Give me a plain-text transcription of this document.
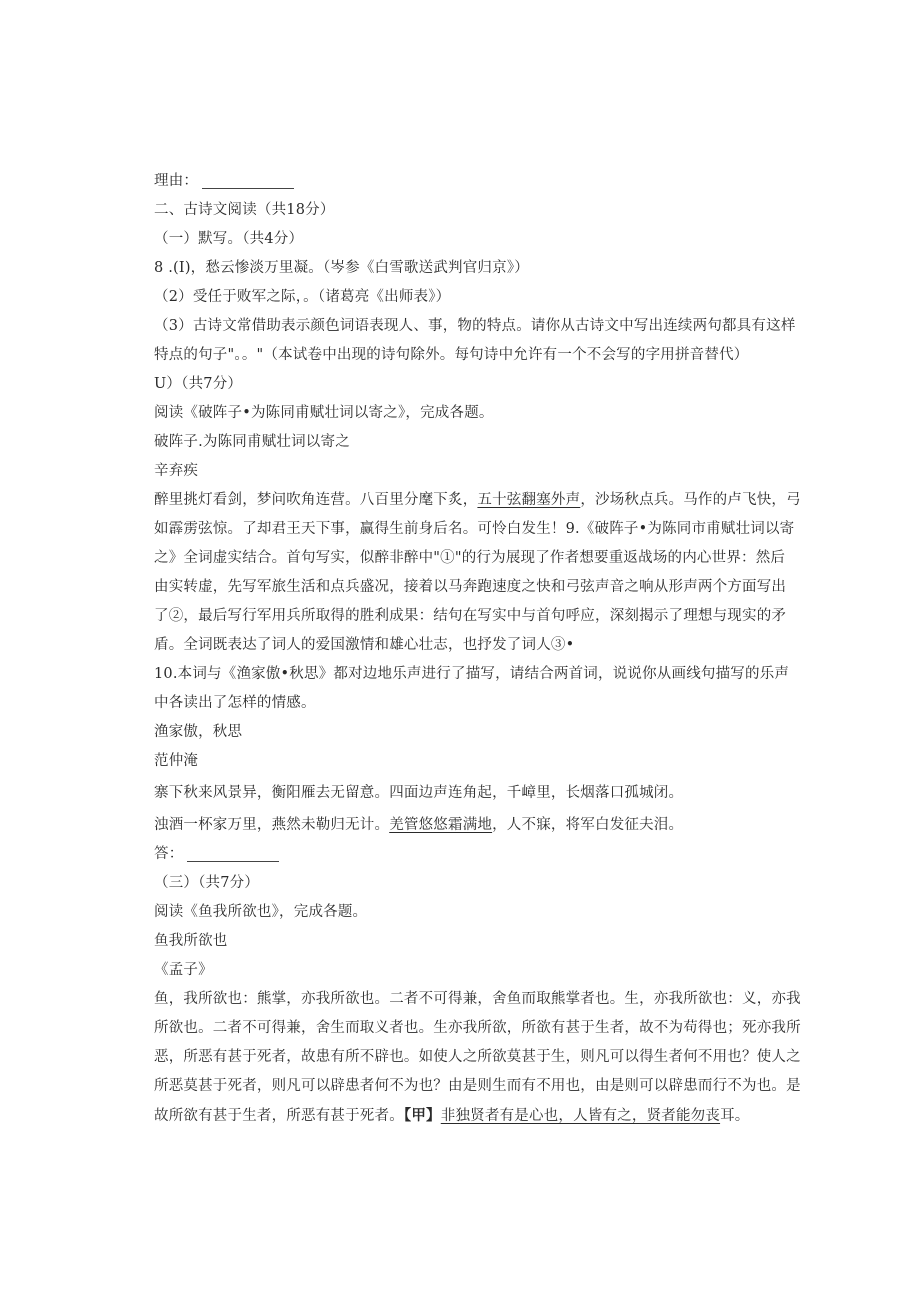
理由：
二、古诗文阅读（共18分）
（一）默写。（共4分）
8 .(I)，愁云惨淡万里凝。（岑参《白雪歌送武判官归京》）
（2）受任于败军之际，。（诸葛亮《出师表》）
（3）古诗文常借助表示颜色词语表现人、事，物的特点。请你从古诗文中写出连续两句都具有这样
特点的句子"。。"（本试卷中出现的诗句除外。每句诗中允许有一个不会写的字用拼音替代）
U）（共7分）
阅读《破阵子•为陈同甫赋壮词以寄之》，完成各题。
破阵子.为陈同甫赋壮词以寄之
辛弃疾
醉里挑灯看剑，梦问吹角连营。八百里分麾下炙，五十弦翻塞外声，沙场秋点兵。马作的卢飞快，弓
如霹雳弦惊。了却君王天下事，赢得生前身后名。可怜白发生！9.《破阵子•为陈同市甫赋壮词以寄
之》全词虚实结合。首句写实，似醉非醉中"①"的行为展现了作者想要重返战场的内心世界：然后
由实转虚，先写军旅生活和点兵盛况，接着以马奔跑速度之快和弓弦声音之响从形声两个方面写出
了②，最后写行军用兵所取得的胜利成果：结句在写实中与首句呼应，深刻揭示了理想与现实的矛
盾。全词既表达了词人的爱国激情和雄心壮志，也抒发了词人③•
10.本词与《渔家傲•秋思》都对边地乐声进行了描写，请结合两首词，说说你从画线句描写的乐声
中各读出了怎样的情感。
渔家傲，秋思
范仲淹
寨下秋来风景异，衡阳雁去无留意。四面边声连角起，千嶂里，长烟落口孤城闭。
浊酒一杯家万里，燕然未勒归无计。羌管悠悠霜满地，人不寐，将军白发征夫泪。
答：
（三）（共7分）
阅读《鱼我所欲也》，完成各题。
鱼我所欲也
《孟子》
鱼，我所欲也：熊掌，亦我所欲也。二者不可得兼，舍鱼而取熊掌者也。生，亦我所欲也：义，亦我
所欲也。二者不可得兼，舍生而取义者也。生亦我所欲，所欲有甚于生者，故不为苟得也；死亦我所
恶，所恶有甚于死者，故患有所不辟也。如使人之所欲莫甚于生，则凡可以得生者何不用也？使人之
所恶莫甚于死者，则凡可以辟患者何不为也？由是则生而有不用也，由是则可以辟患而行不为也。是
故所欲有甚于生者，所恶有甚于死者。【甲】非独贤者有是心也，人皆有之，贤者能勿丧耳。
